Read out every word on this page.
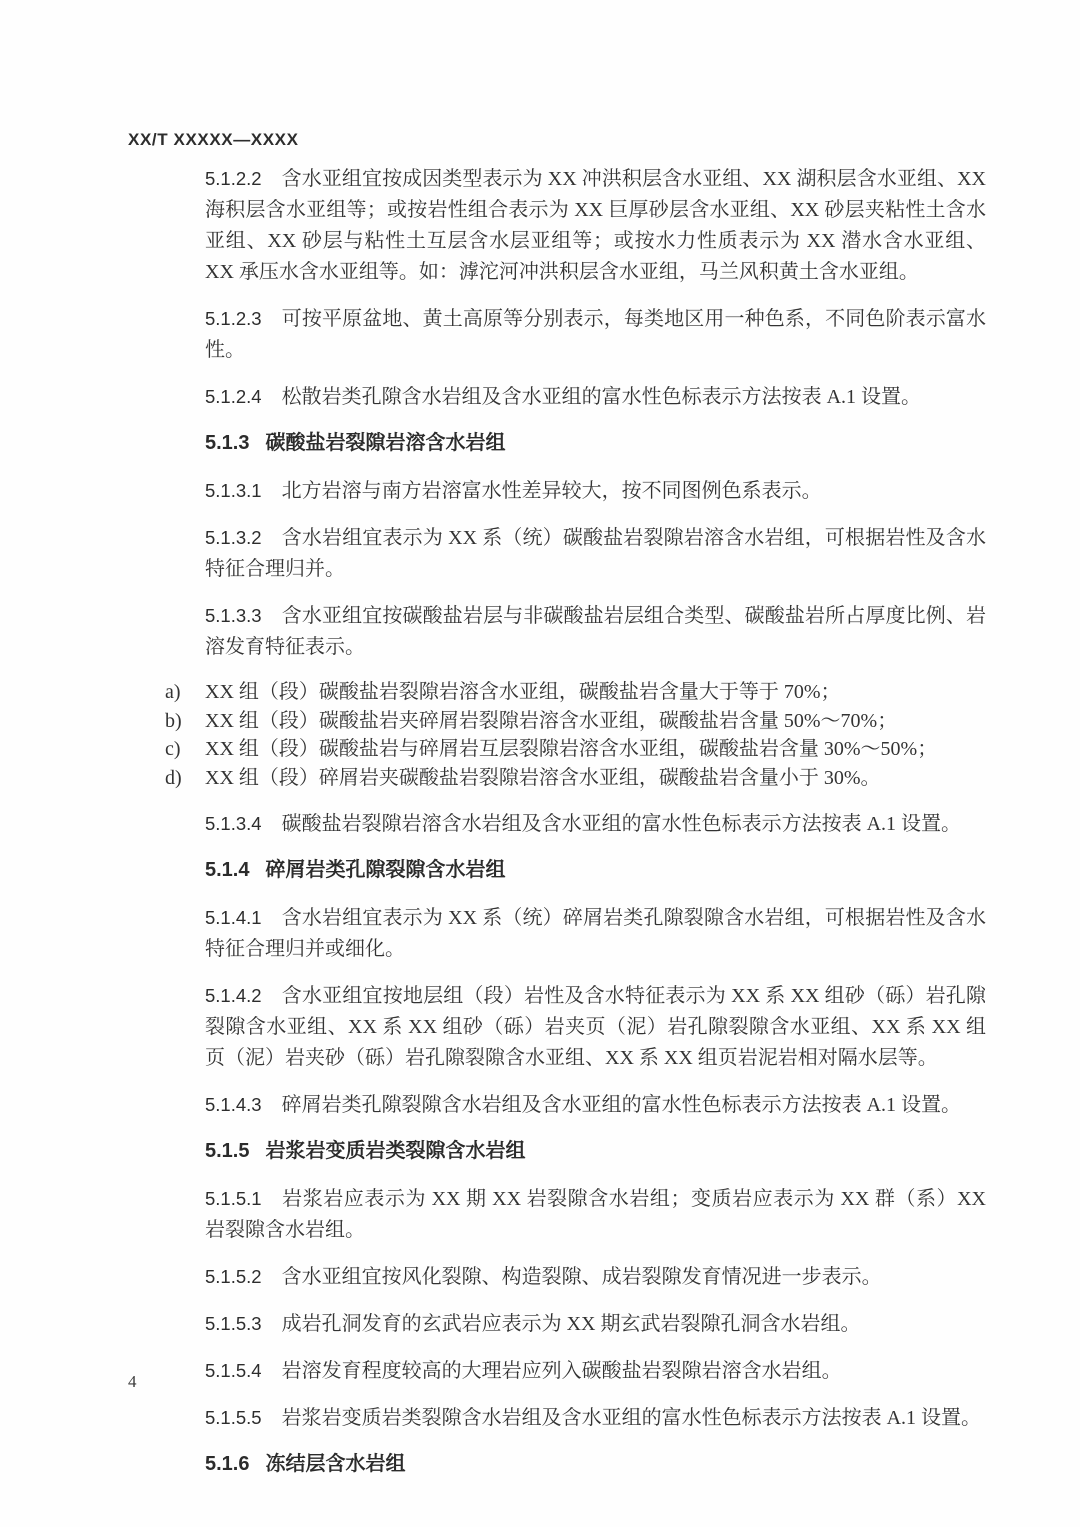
XX/T XXXXX—XXXX
5.1.2.2 含水亚组宜按成因类型表示为 XX 冲洪积层含水亚组、XX 湖积层含水亚组、XX 海积层含水亚组等；或按岩性组合表示为 XX 巨厚砂层含水亚组、XX 砂层夹粘性土含水亚组、XX 砂层与粘性土互层含水层亚组等；或按水力性质表示为 XX 潜水含水亚组、XX 承压水含水亚组等。如：滹沱河冲洪积层含水亚组，马兰风积黄土含水亚组。
5.1.2.3 可按平原盆地、黄土高原等分别表示，每类地区用一种色系，不同色阶表示富水性。
5.1.2.4 松散岩类孔隙含水岩组及含水亚组的富水性色标表示方法按表 A.1 设置。
5.1.3 碳酸盐岩裂隙岩溶含水岩组
5.1.3.1 北方岩溶与南方岩溶富水性差异较大，按不同图例色系表示。
5.1.3.2 含水岩组宜表示为 XX 系（统）碳酸盐岩裂隙岩溶含水岩组，可根据岩性及含水特征合理归并。
5.1.3.3 含水亚组宜按碳酸盐岩层与非碳酸盐岩层组合类型、碳酸盐岩所占厚度比例、岩溶发育特征表示。
a)	XX 组（段）碳酸盐岩裂隙岩溶含水亚组，碳酸盐岩含量大于等于 70%；
b)	XX 组（段）碳酸盐岩夹碎屑岩裂隙岩溶含水亚组，碳酸盐岩含量 50%～70%；
c)	XX 组（段）碳酸盐岩与碎屑岩互层裂隙岩溶含水亚组，碳酸盐岩含量 30%～50%；
d)	XX 组（段）碎屑岩夹碳酸盐岩裂隙岩溶含水亚组，碳酸盐岩含量小于 30%。
5.1.3.4 碳酸盐岩裂隙岩溶含水岩组及含水亚组的富水性色标表示方法按表 A.1 设置。
5.1.4 碎屑岩类孔隙裂隙含水岩组
5.1.4.1 含水岩组宜表示为 XX 系（统）碎屑岩类孔隙裂隙含水岩组，可根据岩性及含水特征合理归并或细化。
5.1.4.2 含水亚组宜按地层组（段）岩性及含水特征表示为 XX 系 XX 组砂（砾）岩孔隙裂隙含水亚组、XX 系 XX 组砂（砾）岩夹页（泥）岩孔隙裂隙含水亚组、XX 系 XX 组页（泥）岩夹砂（砾）岩孔隙裂隙含水亚组、XX 系 XX 组页岩泥岩相对隔水层等。
5.1.4.3 碎屑岩类孔隙裂隙含水岩组及含水亚组的富水性色标表示方法按表 A.1 设置。
5.1.5 岩浆岩变质岩类裂隙含水岩组
5.1.5.1 岩浆岩应表示为 XX 期 XX 岩裂隙含水岩组；变质岩应表示为 XX 群（系）XX 岩裂隙含水岩组。
5.1.5.2 含水亚组宜按风化裂隙、构造裂隙、成岩裂隙发育情况进一步表示。
5.1.5.3 成岩孔洞发育的玄武岩应表示为 XX 期玄武岩裂隙孔洞含水岩组。
5.1.5.4 岩溶发育程度较高的大理岩应列入碳酸盐岩裂隙岩溶含水岩组。
5.1.5.5 岩浆岩变质岩类裂隙含水岩组及含水亚组的富水性色标表示方法按表 A.1 设置。
5.1.6 冻结层含水岩组
4
